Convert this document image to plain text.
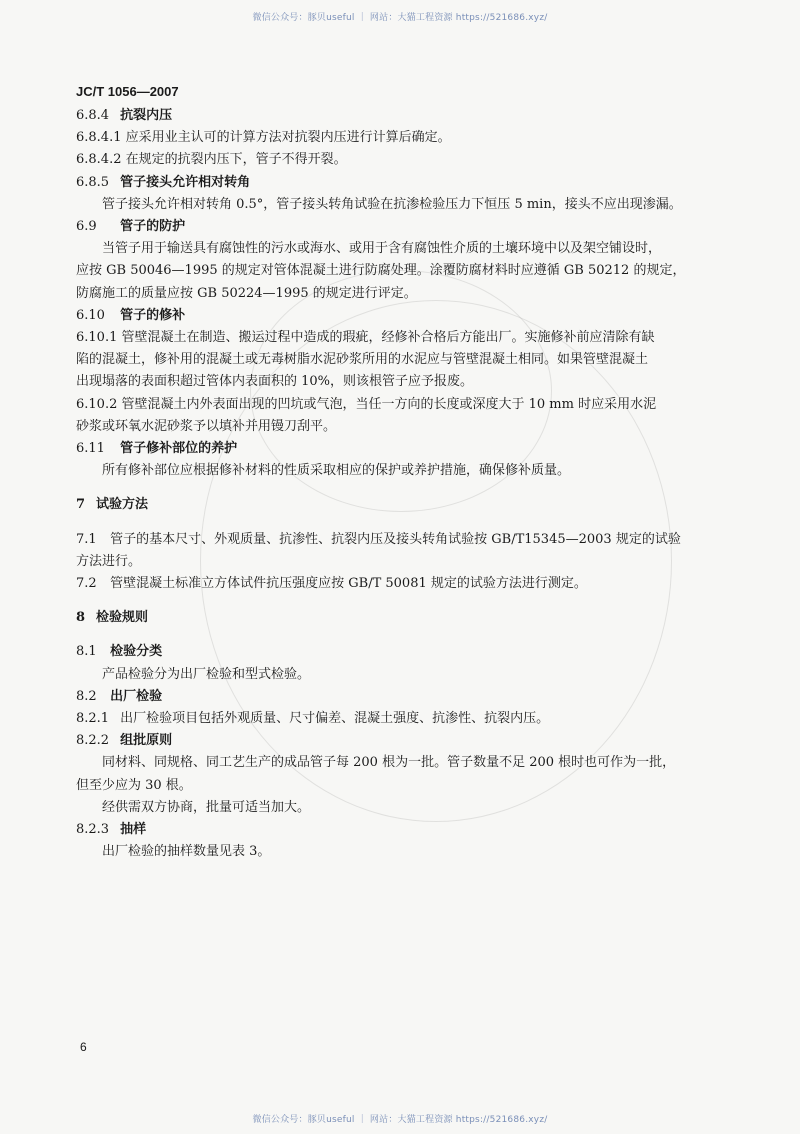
微信公众号：豚贝useful ｜ 网站：大猫工程资源 https://521686.xyz/
JC/T 1056—2007
6.8.4 抗裂内压
6.8.4.1 应采用业主认可的计算方法对抗裂内压进行计算后确定。
6.8.4.2 在规定的抗裂内压下，管子不得开裂。
6.8.5 管子接头允许相对转角
管子接头允许相对转角 0.5°，管子接头转角试验在抗渗检验压力下恒压 5 min，接头不应出现渗漏。
6.9 管子的防护
当管子用于输送具有腐蚀性的污水或海水、或用于含有腐蚀性介质的土壤环境中以及架空铺设时，
应按 GB 50046—1995 的规定对管体混凝土进行防腐处理。涂覆防腐材料时应遵循 GB 50212 的规定，
防腐施工的质量应按 GB 50224—1995 的规定进行评定。
6.10 管子的修补
6.10.1 管壁混凝土在制造、搬运过程中造成的瑕疵，经修补合格后方能出厂。实施修补前应清除有缺
陷的混凝土，修补用的混凝土或无毒树脂水泥砂浆所用的水泥应与管壁混凝土相同。如果管壁混凝土
出现塌落的表面积超过管体内表面积的 10%，则该根管子应予报废。
6.10.2 管壁混凝土内外表面出现的凹坑或气泡，当任一方向的长度或深度大于 10 mm 时应采用水泥
砂浆或环氧水泥砂浆予以填补并用镘刀刮平。
6.11 管子修补部位的养护
所有修补部位应根据修补材料的性质采取相应的保护或养护措施，确保修补质量。
7 试验方法
7.1 管子的基本尺寸、外观质量、抗渗性、抗裂内压及接头转角试验按 GB/T15345—2003 规定的试验
方法进行。
7.2 管壁混凝土标准立方体试件抗压强度应按 GB/T 50081 规定的试验方法进行测定。
8 检验规则
8.1 检验分类
产品检验分为出厂检验和型式检验。
8.2 出厂检验
8.2.1 出厂检验项目包括外观质量、尺寸偏差、混凝土强度、抗渗性、抗裂内压。
8.2.2 组批原则
同材料、同规格、同工艺生产的成品管子每 200 根为一批。管子数量不足 200 根时也可作为一批，
但至少应为 30 根。
经供需双方协商，批量可适当加大。
8.2.3 抽样
出厂检验的抽样数量见表 3。
6
微信公众号：豚贝useful ｜ 网站：大猫工程资源 https://521686.xyz/
